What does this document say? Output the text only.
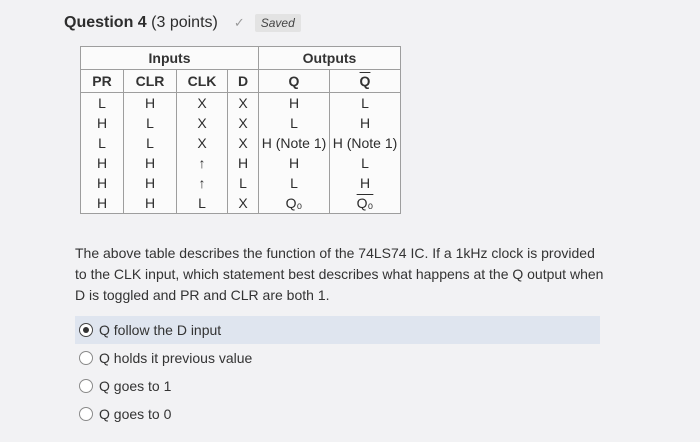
Question 4 (3 points) ✓	Saved
Inputs				Outputs	
PR	CLR	CLK	D	Q	$\overline{Q}$
L	H	X	X	H	L
H	L	X	X	L	H
L	L	X	X	H (Note 1)	H (Note 1)
H	H	↑	H	H	L
H	H	↑	L	L	H
H	H	L	X	Q₀	Q₀
The above table describes the function of the 74LS74 IC. If a 1kHz clock is provided to the CLK input, which statement best describes what happens at the Q output when D is toggled and PR and CLR are both 1.
Q follow the D input
Q holds it previous value
Q goes to 1
Q goes to 0
